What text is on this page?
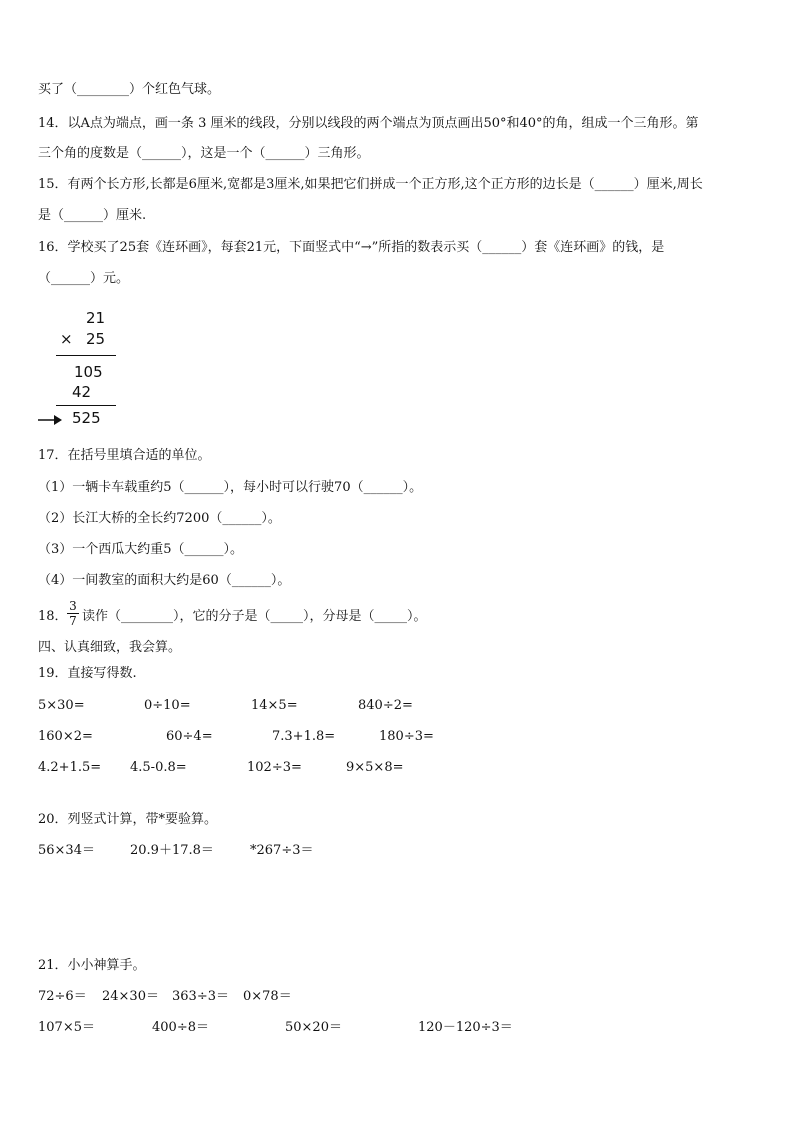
买了（________）个红色气球。
14．以A点为端点，画一条 3 厘米的线段，分别以线段的两个端点为顶点画出50°和40°的角，组成一个三角形。第
三个角的度数是（______），这是一个（______）三角形。
15．有两个长方形,长都是6厘米,宽都是3厘米,如果把它们拼成一个正方形,这个正方形的边长是（______）厘米,周长
是（______）厘米.
16．学校买了25套《连环画》，每套21元，下面竖式中“→”所指的数表示买（______）套《连环画》的钱，是
（______）元。
21
× 25
105
42
525
17．在括号里填合适的单位。
（1）一辆卡车载重约5（______），每小时可以行驶70（______）。
（2）长江大桥的全长约7200（______）。
（3）一个西瓜大约重5（______）。
（4）一间教室的面积大约是60（______）。
18．
3
7 读作（________），它的分子是（_____），分母是（_____）。
四、认真细致，我会算。
19．直接写得数.
5×30=	0÷10=	14×5=	840÷2=
160×2=	60÷4=	7.3+1.8=	180÷3=
4.2+1.5= 4.5-0.8=	102÷3=	9×5×8=
20．列竖式计算，带*要验算。
56×34＝	20.9＋17.8＝	*267÷3＝
21．小小神算手。
72÷6＝ 24×30＝ 363÷3＝ 0×78＝
107×5＝	400÷8＝	50×20＝	120－120÷3＝
